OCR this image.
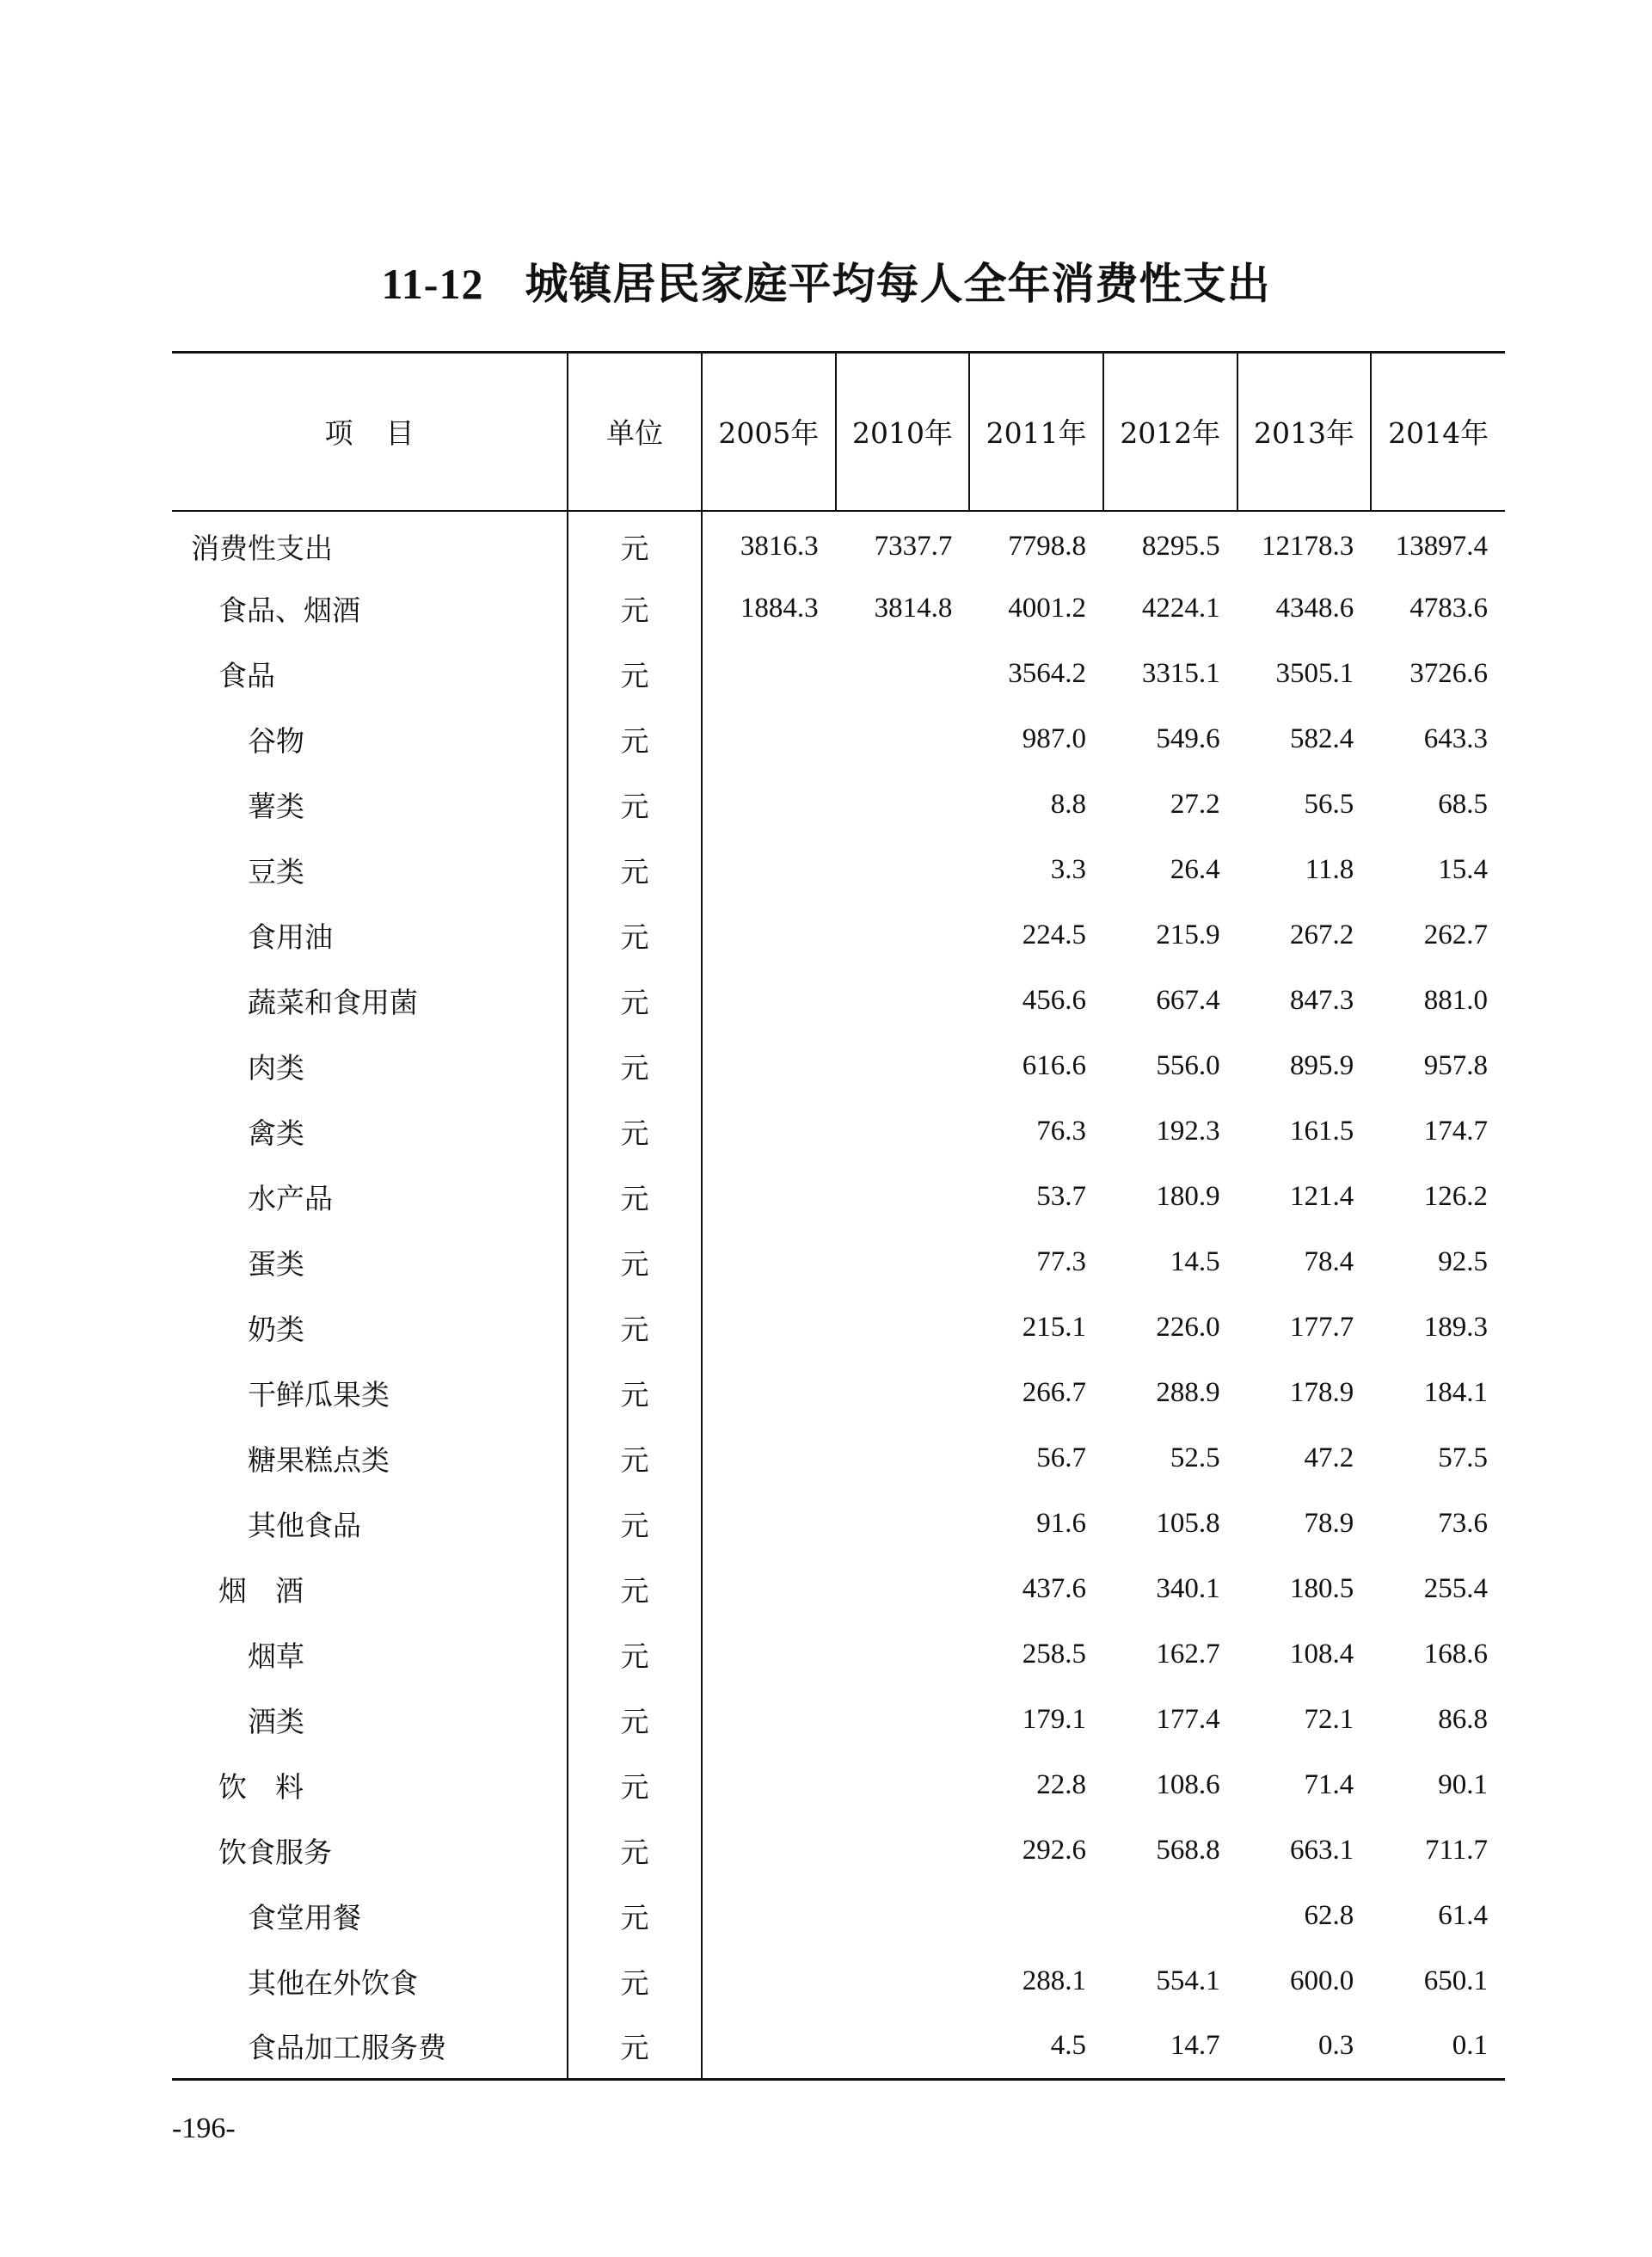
11-12 城镇居民家庭平均每人全年消费性支出
项目	单位	2005年	2010年	2011年	2012年	2013年	2014年
消费性支出	元	3816.3	7337.7	7798.8	8295.5	12178.3	13897.4
食品、烟酒	元	1884.3	3814.8	4001.2	4224.1	4348.6	4783.6
食品	元			3564.2	3315.1	3505.1	3726.6
谷物	元			987.0	549.6	582.4	643.3
薯类	元			8.8	27.2	56.5	68.5
豆类	元			3.3	26.4	11.8	15.4
食用油	元			224.5	215.9	267.2	262.7
蔬菜和食用菌	元			456.6	667.4	847.3	881.0
肉类	元			616.6	556.0	895.9	957.8
禽类	元			76.3	192.3	161.5	174.7
水产品	元			53.7	180.9	121.4	126.2
蛋类	元			77.3	14.5	78.4	92.5
奶类	元			215.1	226.0	177.7	189.3
干鲜瓜果类	元			266.7	288.9	178.9	184.1
糖果糕点类	元			56.7	52.5	47.2	57.5
其他食品	元			91.6	105.8	78.9	73.6
烟　酒	元			437.6	340.1	180.5	255.4
烟草	元			258.5	162.7	108.4	168.6
酒类	元			179.1	177.4	72.1	86.8
饮　料	元			22.8	108.6	71.4	90.1
饮食服务	元			292.6	568.8	663.1	711.7
食堂用餐	元					62.8	61.4
其他在外饮食	元			288.1	554.1	600.0	650.1
食品加工服务费	元			4.5	14.7	0.3	0.1
-196-
